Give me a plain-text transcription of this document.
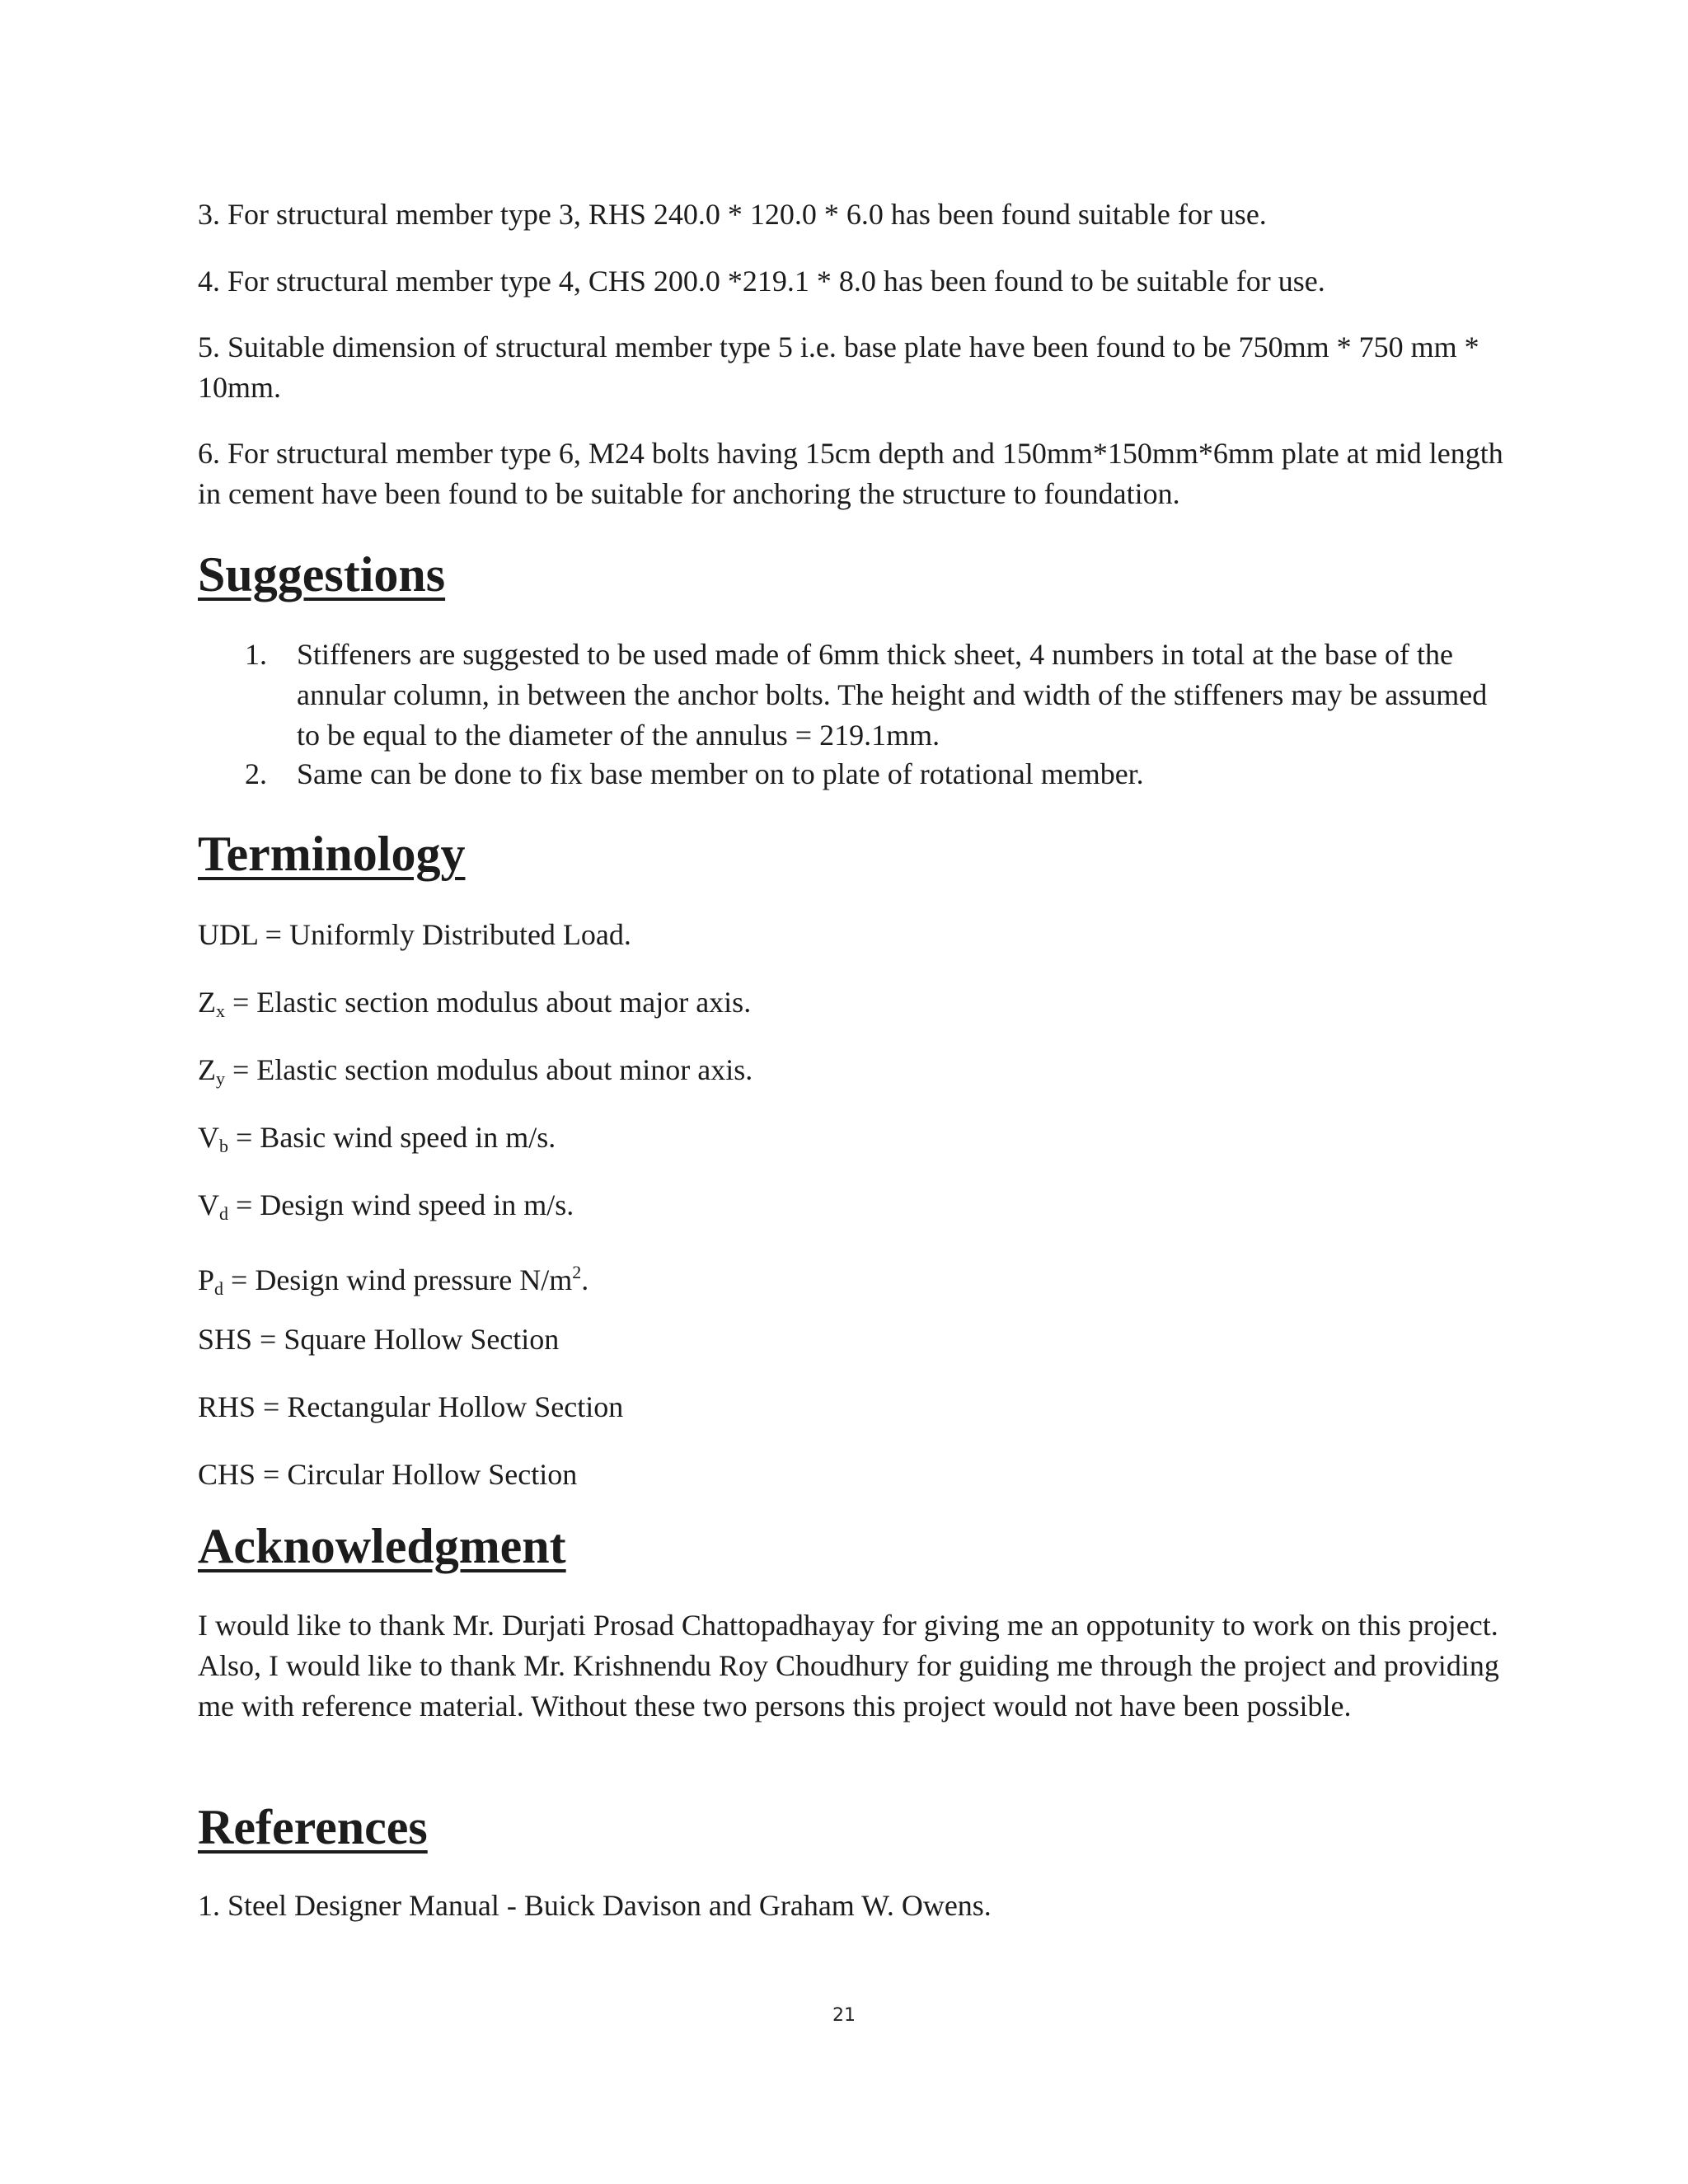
3. For structural member type 3, RHS 240.0 * 120.0 * 6.0 has been found suitable for use.

4. For structural member type 4, CHS 200.0 *219.1 * 8.0 has been found to be suitable for use.

5. Suitable dimension of structural member type 5 i.e. base plate have been found to be 750mm * 750 mm * 10mm.

6. For structural member type 6, M24 bolts having 15cm depth and 150mm*150mm*6mm plate at mid length in cement have been found to be suitable for anchoring the structure to foundation.

Suggestions
1. Stiffeners are suggested to be used made of 6mm thick sheet, 4 numbers in total at the base of the annular column, in between the anchor bolts. The height and width of the stiffeners may be assumed to be equal to the diameter of the annulus = 219.1mm.
2. Same can be done to fix base member on to plate of rotational member.
Terminology
UDL = Uniformly Distributed Load.
$Z_x$ = Elastic section modulus about major axis.
$Z_y$ = Elastic section modulus about minor axis.
$V_b$ = Basic wind speed in m/s.
$V_d$ = Design wind speed in m/s.
$P_d$ = Design wind pressure $N/m^2$.
SHS = Square Hollow Section
RHS = Rectangular Hollow Section
CHS = Circular Hollow Section
Acknowledgment

I would like to thank Mr. Durjati Prosad Chattopadhayay for giving me an oppotunity to work on this project. Also, I would like to thank Mr. Krishnendu Roy Choudhury for guiding me through the project and providing me with reference material. Without these two persons this project would not have been possible.

References

1. Steel Designer Manual - Buick Davison and Graham W. Owens.

21
